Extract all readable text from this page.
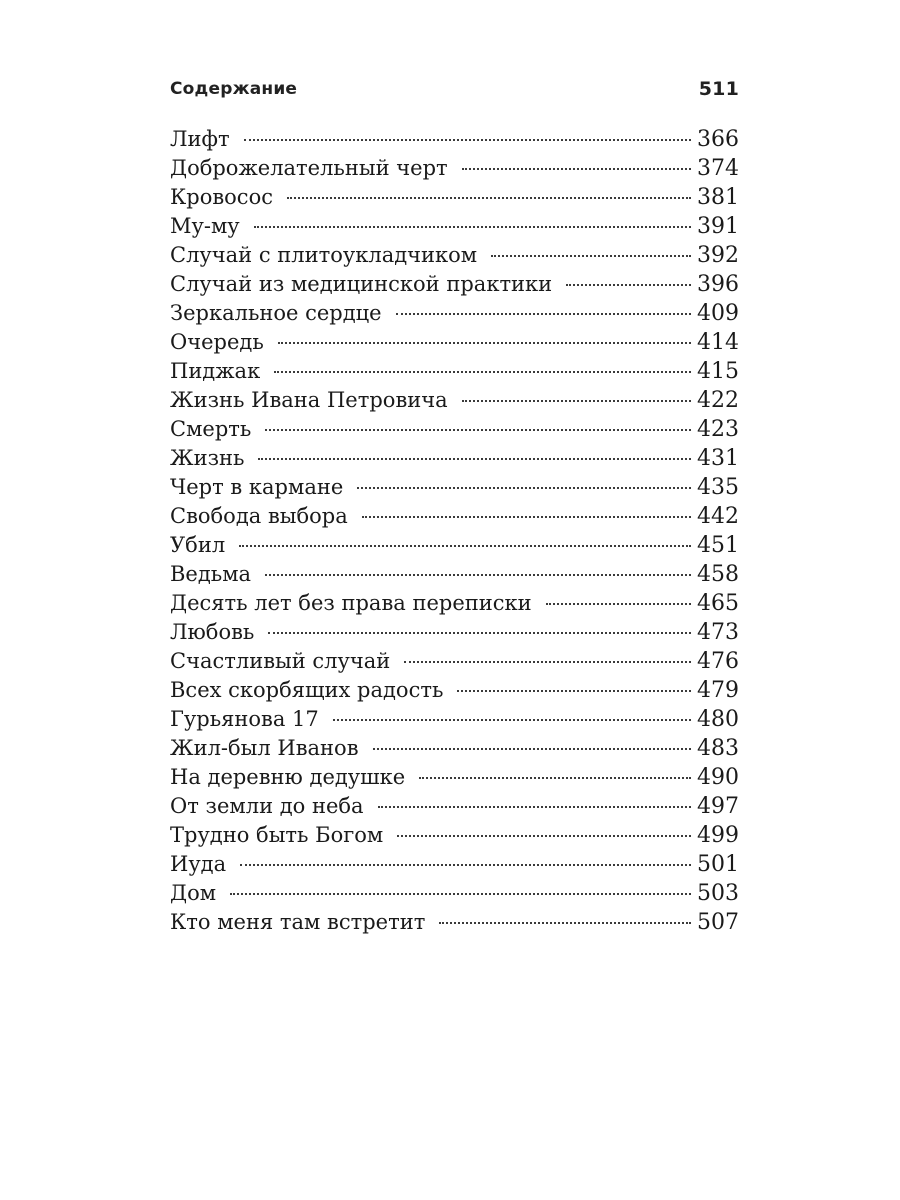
Содержание	511
Лифт	366
Доброжелательный черт	374
Кровосос	381
Му-му	391
Случай с плитоукладчиком	392
Случай из медицинской практики	396
Зеркальное сердце	409
Очередь	414
Пиджак	415
Жизнь Ивана Петровича	422
Смерть	423
Жизнь	431
Черт в кармане	435
Свобода выбора	442
Убил	451
Ведьма	458
Десять лет без права переписки	465
Любовь	473
Счастливый случай	476
Всех скорбящих радость	479
Гурьянова 17	480
Жил-был Иванов	483
На деревню дедушке	490
От земли до неба	497
Трудно быть Богом	499
Иуда	501
Дом	503
Кто меня там встретит	507
